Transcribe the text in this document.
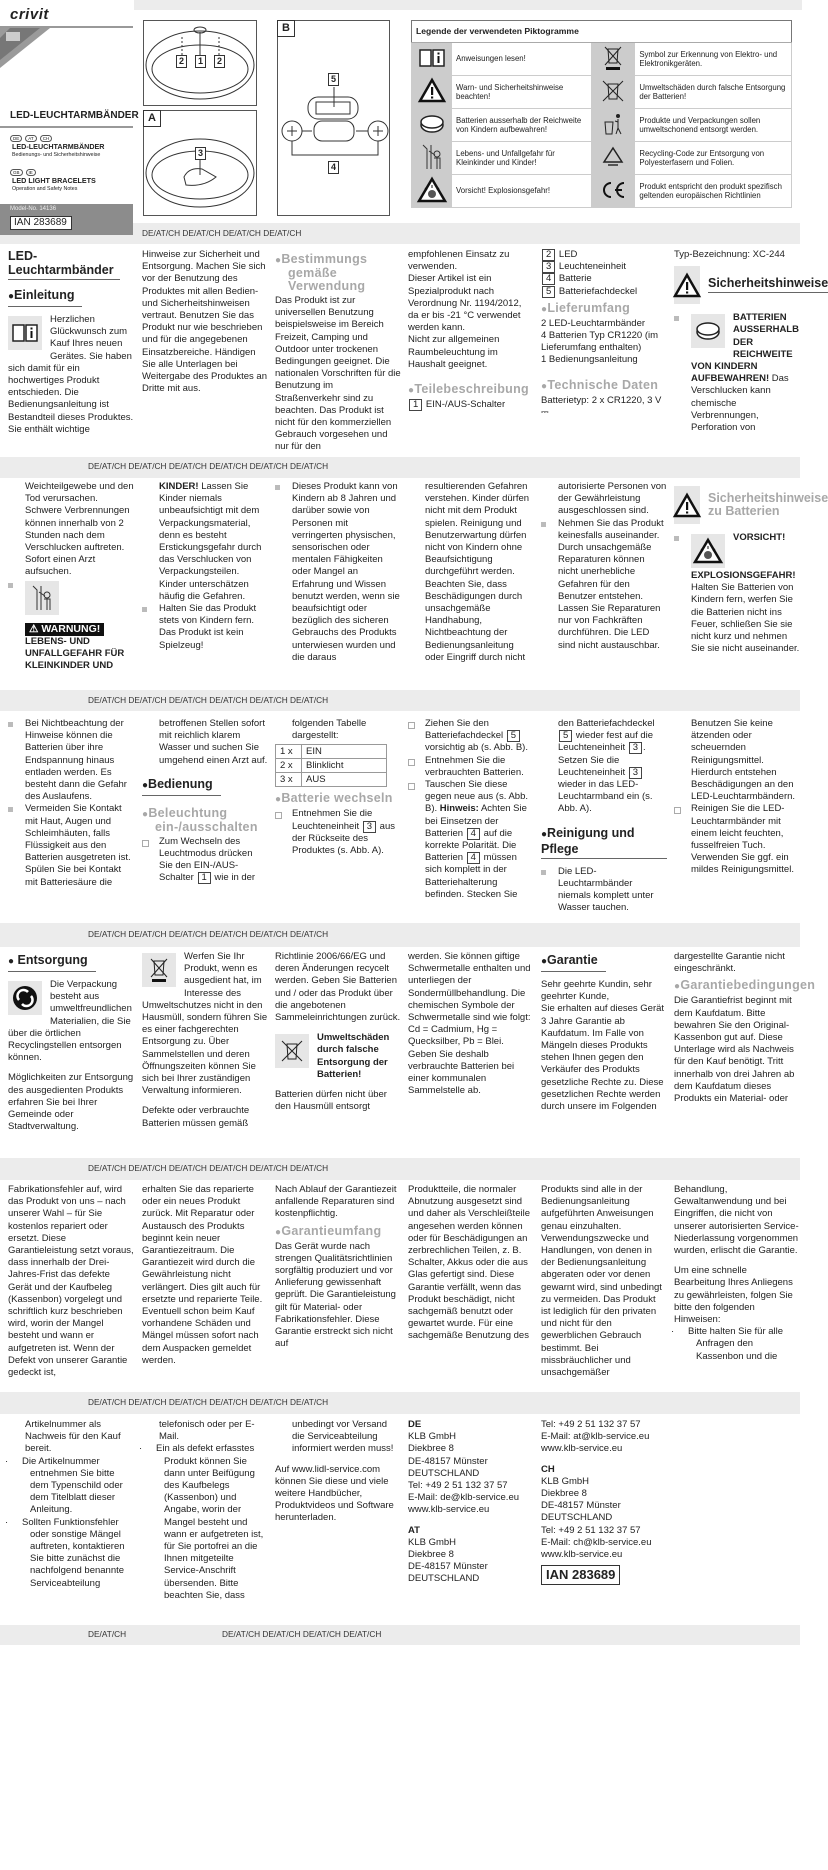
DE/AT/CH DE/AT/CH DE/AT/CH DE/AT/CH
DE/AT/CH DE/AT/CH DE/AT/CH DE/AT/CH DE/AT/CH DE/AT/CH
DE/AT/CH DE/AT/CH DE/AT/CH DE/AT/CH DE/AT/CH DE/AT/CH
DE/AT/CH DE/AT/CH DE/AT/CH DE/AT/CH DE/AT/CH DE/AT/CH
DE/AT/CH DE/AT/CH DE/AT/CH DE/AT/CH DE/AT/CH DE/AT/CH
DE/AT/CH DE/AT/CH DE/AT/CH DE/AT/CH DE/AT/CH DE/AT/CH
DE/AT/CH	DE/AT/CH DE/AT/CH DE/AT/CH DE/AT/CH
crivit
LED-LEUCHTARMBÄNDER
DE AT CH
LED-LEUCHTARMBÄNDER
Bedienungs- und Sicherheitshinweise
GB IE
LED LIGHT BRACELETS
Operation and Safety Notes
Model-No. 14136
IAN 283689
2	1	2
A
3
B
5
4
Legende der verwendeten Piktogramme			
	Anweisungen lesen!		Symbol zur Erkennung von Elektro- und Elektronikgeräten.
	Warn- und Sicherheitshinweise beachten!		Umweltschäden durch falsche Entsorgung der Batterien!
	Batterien ausserhalb der Reichweite von Kindern aufbewahren!		Produkte und Verpackungen sollen umweltschonend entsorgt werden.
	Lebens- und Unfallgefahr für Kleinkinder und Kinder!		Recycling-Code zur Entsorgung von Polyesterfasern und Folien.
	Vorsicht! Explosionsgefahr!		Produkt entspricht den produkt spezifisch geltenden europäischen Richtlinien
LED-Leuchtarmbänder
● Einleitung
Herzlichen Glückwunsch zum Kauf Ihres neuen Gerätes. Sie haben sich damit für ein hochwertiges Produkt entschieden. Die Bedienungsanleitung ist Bestandteil dieses Produktes. Sie enthält wichtige
Hinweise zur Sicherheit und Entsorgung. Machen Sie sich vor der Benutzung des Produktes mit allen Bedien- und Sicherheitshinweisen vertraut. Benutzen Sie das Produkt nur wie beschrieben und für die angegebenen Einsatzbereiche. Händigen Sie alle Unterlagen bei Weitergabe des Produktes an Dritte mit aus.
● Bestimmungs gemäße Verwendung
Das Produkt ist zur universellen Benutzung beispielsweise im Bereich Freizeit, Camping und Outdoor unter trockenen Bedingungen geeignet. Die nationalen Vorschriften für die Benutzung im Straßenverkehr sind zu beachten. Das Produkt ist nicht für den kommerziellen Gebrauch vorgesehen und nur für den
empfohlenen Einsatz zu verwenden.
Dieser Artikel ist ein Spezialprodukt nach Verordnung Nr. 1194/2012, da er bis -21 °C verwendet werden kann.
Nicht zur allgemeinen Raumbeleuchtung im Haushalt geeignet.
● Teilebeschreibung
1 EIN-/AUS-Schalter
2 LED
3 Leuchteneinheit
4 Batterie
5 Batteriefachdeckel
● Lieferumfang
2 LED-Leuchtarmbänder
4 Batterien Typ CR1220 (im Lieferumfang enthalten)
1 Bedienungsanleitung
● Technische Daten
Batterietyp: 2 x CR1220, 3 V ⎓
Typ-Bezeichnung: XC-244
Sicherheitshinweise
BATTERIEN AUSSERHALB DER REICHWEITE VON KINDERN AUFBEWAHREN! Das Verschlucken kann chemische Verbrennungen, Perforation von
Weichteilgewebe und den Tod verursachen. Schwere Verbrennungen können innerhalb von 2 Stunden nach dem Verschlucken auftreten. Sofort einen Arzt aufsuchen.
⚠ WARNUNG!
LEBENS- UND UNFALLGEFAHR FÜR KLEINKINDER UND
KINDER! Lassen Sie Kinder niemals unbeaufsichtigt mit dem Verpackungsmaterial, denn es besteht Erstickungsgefahr durch das Verschlucken von Verpackungsteilen. Kinder unterschätzen häufig die Gefahren.
Halten Sie das Produkt stets von Kindern fern. Das Produkt ist kein Spielzeug!
Dieses Produkt kann von Kindern ab 8 Jahren und darüber sowie von Personen mit verringerten physischen, sensorischen oder mentalen Fähigkeiten oder Mangel an Erfahrung und Wissen benutzt werden, wenn sie beaufsichtigt oder bezüglich des sicheren Gebrauchs des Produkts unterwiesen wurden und die daraus
resultierenden Gefahren verstehen. Kinder dürfen nicht mit dem Produkt spielen. Reinigung und Benutzerwartung dürfen nicht von Kindern ohne Beaufsichtigung durchgeführt werden. Beachten Sie, dass Beschädigungen durch unsachgemäße Handhabung, Nichtbeachtung der Bedienungsanleitung oder Eingriff durch nicht
autorisierte Personen von der Gewährleistung ausgeschlossen sind.
Nehmen Sie das Produkt keinesfalls auseinander. Durch unsachgemäße Reparaturen können nicht unerhebliche Gefahren für den Benutzer entstehen. Lassen Sie Reparaturen nur von Fachkräften durchführen. Die LED sind nicht austauschbar.
Sicherheitshinweise zu Batterien
VORSICHT! EXPLOSIONSGEFAHR! Halten Sie Batterien von Kindern fern, werfen Sie die Batterien nicht ins Feuer, schließen Sie sie nicht kurz und nehmen Sie sie nicht auseinander.
Bei Nichtbeachtung der Hinweise können die Batterien über ihre Endspannung hinaus entladen werden. Es besteht dann die Gefahr des Auslaufens.
Vermeiden Sie Kontakt mit Haut, Augen und Schleimhäuten, falls Flüssigkeit aus den Batterien ausgetreten ist. Spülen Sie bei Kontakt mit Batteriesäure die
betroffenen Stellen sofort mit reichlich klarem Wasser und suchen Sie umgehend einen Arzt auf.
● Bedienung
● Beleuchtung ein-/ausschalten
Zum Wechseln des Leuchtmodus drücken Sie den EIN-/AUS-Schalter 1 wie in der
folgenden Tabelle dargestellt:
1 x	EIN
2 x	Blinklicht
3 x	AUS
● Batterie wechseln
Entnehmen Sie die Leuchteneinheit 3 aus der Rückseite des Produktes (s. Abb. A).
Ziehen Sie den Batteriefachdeckel 5 vorsichtig ab (s. Abb. B).
Entnehmen Sie die verbrauchten Batterien.
Tauschen Sie diese gegen neue aus (s. Abb. B). Hinweis: Achten Sie bei Einsetzen der Batterien 4 auf die korrekte Polarität. Die Batterien 4 müssen sich komplett in der Batteriehalterung befinden. Stecken Sie
den Batteriefachdeckel 5 wieder fest auf die Leuchteneinheit 3 . Setzen Sie die Leuchteneinheit 3 wieder in das LED-Leuchtarmband ein (s. Abb. A).
● Reinigung und Pflege
Die LED-Leuchtarmbänder niemals komplett unter Wasser tauchen.
Benutzen Sie keine ätzenden oder scheuernden Reinigungsmittel. Hierdurch entstehen Beschädigungen an den LED-Leuchtarmbändern.
Reinigen Sie die LED-Leuchtarmbänder mit einem leicht feuchten, fusselfreien Tuch. Verwenden Sie ggf. ein mildes Reinigungsmittel.
● Entsorgung
Die Verpackung besteht aus umweltfreundlichen Materialien, die Sie über die örtlichen Recyclingstellen entsorgen können.
Möglichkeiten zur Entsorgung des ausgedienten Produkts erfahren Sie bei Ihrer Gemeinde oder Stadtverwaltung.
Werfen Sie Ihr Produkt, wenn es ausgedient hat, im Interesse des Umweltschutzes nicht in den Hausmüll, sondern führen Sie es einer fachgerechten Entsorgung zu. Über Sammelstellen und deren Öffnungszeiten können Sie sich bei Ihrer zuständigen Verwaltung informieren.
Defekte oder verbrauchte Batterien müssen gemäß
Richtlinie 2006/66/EG und deren Änderungen recycelt werden. Geben Sie Batterien und / oder das Produkt über die angebotenen Sammeleinrichtungen zurück.
Umweltschäden durch falsche Entsorgung der Batterien!
Batterien dürfen nicht über den Hausmüll entsorgt
werden. Sie können giftige Schwermetalle enthalten und unterliegen der Sondermüllbehandlung. Die chemischen Symbole der Schwermetalle sind wie folgt: Cd = Cadmium, Hg = Quecksilber, Pb = Blei. Geben Sie deshalb verbrauchte Batterien bei einer kommunalen Sammelstelle ab.
● Garantie
Sehr geehrte Kundin, sehr geehrter Kunde,
Sie erhalten auf dieses Gerät 3 Jahre Garantie ab Kaufdatum. Im Falle von Mängeln dieses Produkts stehen Ihnen gegen den Verkäufer des Produkts gesetzliche Rechte zu. Diese gesetzlichen Rechte werden durch unsere im Folgenden
dargestellte Garantie nicht eingeschränkt.
● Garantiebedingungen
Die Garantiefrist beginnt mit dem Kaufdatum. Bitte bewahren Sie den Original-Kassenbon gut auf. Diese Unterlage wird als Nachweis für den Kauf benötigt. Tritt innerhalb von drei Jahren ab dem Kaufdatum dieses Produkts ein Material- oder
Fabrikationsfehler auf, wird das Produkt von uns – nach unserer Wahl – für Sie kostenlos repariert oder ersetzt. Diese Garantieleistung setzt voraus, dass innerhalb der Drei-Jahres-Frist das defekte Gerät und der Kaufbeleg (Kassenbon) vorgelegt und schriftlich kurz beschrieben wird, worin der Mangel besteht und wann er aufgetreten ist. Wenn der Defekt von unserer Garantie gedeckt ist,
erhalten Sie das reparierte oder ein neues Produkt zurück. Mit Reparatur oder Austausch des Produkts beginnt kein neuer Garantiezeitraum. Die Garantiezeit wird durch die Gewährleistung nicht verlängert. Dies gilt auch für ersetzte und reparierte Teile. Eventuell schon beim Kauf vorhandene Schäden und Mängel müssen sofort nach dem Auspacken gemeldet werden.
Nach Ablauf der Garantiezeit anfallende Reparaturen sind kostenpflichtig.
● Garantieumfang
Das Gerät wurde nach strengen Qualitätsrichtlinien sorgfältig produziert und vor Anlieferung gewissenhaft geprüft. Die Garantieleistung gilt für Material- oder Fabrikationsfehler. Diese Garantie erstreckt sich nicht auf
Produktteile, die normaler Abnutzung ausgesetzt sind und daher als Verschleißteile angesehen werden können oder für Beschädigungen an zerbrechlichen Teilen, z. B. Schalter, Akkus oder die aus Glas gefertigt sind. Diese Garantie verfällt, wenn das Produkt beschädigt, nicht sachgemäß benutzt oder gewartet wurde. Für eine sachgemäße Benutzung des
Produkts sind alle in der Bedienungsanleitung aufgeführten Anweisungen genau einzuhalten. Verwendungszwecke und Handlungen, von denen in der Bedienungsanleitung abgeraten oder vor denen gewarnt wird, sind unbedingt zu vermeiden. Das Produkt ist lediglich für den privaten und nicht für den gewerblichen Gebrauch bestimmt. Bei missbräuchlicher und unsachgemäßer
Behandlung, Gewaltanwendung und bei Eingriffen, die nicht von unserer autorisierten Service-Niederlassung vorgenommen wurden, erlischt die Garantie.
Um eine schnelle Bearbeitung Ihres Anliegens zu gewährleisten, folgen Sie bitte den folgenden Hinweisen:
· Bitte halten Sie für alle Anfragen den Kassenbon und die
Artikelnummer als Nachweis für den Kauf bereit.
· Die Artikelnummer entnehmen Sie bitte dem Typenschild oder dem Titelblatt dieser Anleitung.
· Sollten Funktionsfehler oder sonstige Mängel auftreten, kontaktieren Sie bitte zunächst die nachfolgend benannte Serviceabteilung
telefonisch oder per E-Mail.
· Ein als defekt erfasstes Produkt können Sie dann unter Beifügung des Kaufbelegs (Kassenbon) und Angabe, worin der Mangel besteht und wann er aufgetreten ist, für Sie portofrei an die Ihnen mitgeteilte Service-Anschrift übersenden. Bitte beachten Sie, dass
unbedingt vor Versand die Serviceabteilung informiert werden muss!
Auf www.lidl-service.com können Sie diese und viele weitere Handbücher, Produktvideos und Software herunterladen.
DE
KLB GmbH
Diekbree 8
DE-48157 Münster
DEUTSCHLAND
Tel: +49 2 51 132 37 57
E-Mail: de@klb-service.eu
www.klb-service.eu
AT
KLB GmbH
Diekbree 8
DE-48157 Münster
DEUTSCHLAND
Tel: +49 2 51 132 37 57
E-Mail: at@klb-service.eu
www.klb-service.eu
CH
KLB GmbH
Diekbree 8
DE-48157 Münster
DEUTSCHLAND
Tel: +49 2 51 132 37 57
E-Mail: ch@klb-service.eu
www.klb-service.eu
IAN 283689
